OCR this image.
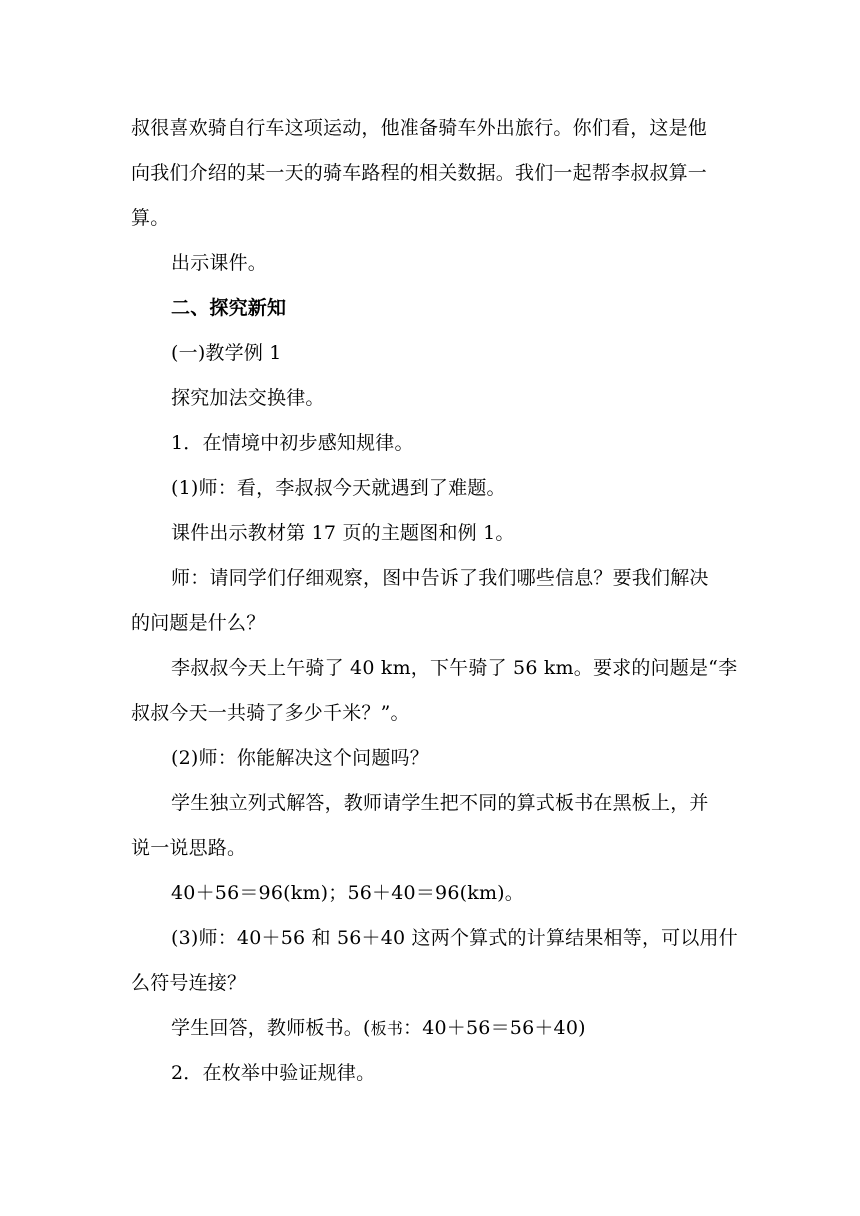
叔很喜欢骑自行车这项运动，他准备骑车外出旅行。你们看，这是他
向我们介绍的某一天的骑车路程的相关数据。我们一起帮李叔叔算一
算。
出示课件。
二、探究新知
(一)教学例 1
探究加法交换律。
1．在情境中初步感知规律。
(1)师：看，李叔叔今天就遇到了难题。
课件出示教材第 17 页的主题图和例 1。
师：请同学们仔细观察，图中告诉了我们哪些信息？要我们解决
的问题是什么？
李叔叔今天上午骑了 40 km，下午骑了 56 km。要求的问题是“李
叔叔今天一共骑了多少千米？”。
(2)师：你能解决这个问题吗？
学生独立列式解答，教师请学生把不同的算式板书在黑板上，并
说一说思路。
40＋56＝96(km)；56＋40＝96(km)。
(3)师：40＋56 和 56＋40 这两个算式的计算结果相等，可以用什
么符号连接？
学生回答，教师板书。(板书：40＋56＝56＋40)
2．在枚举中验证规律。
